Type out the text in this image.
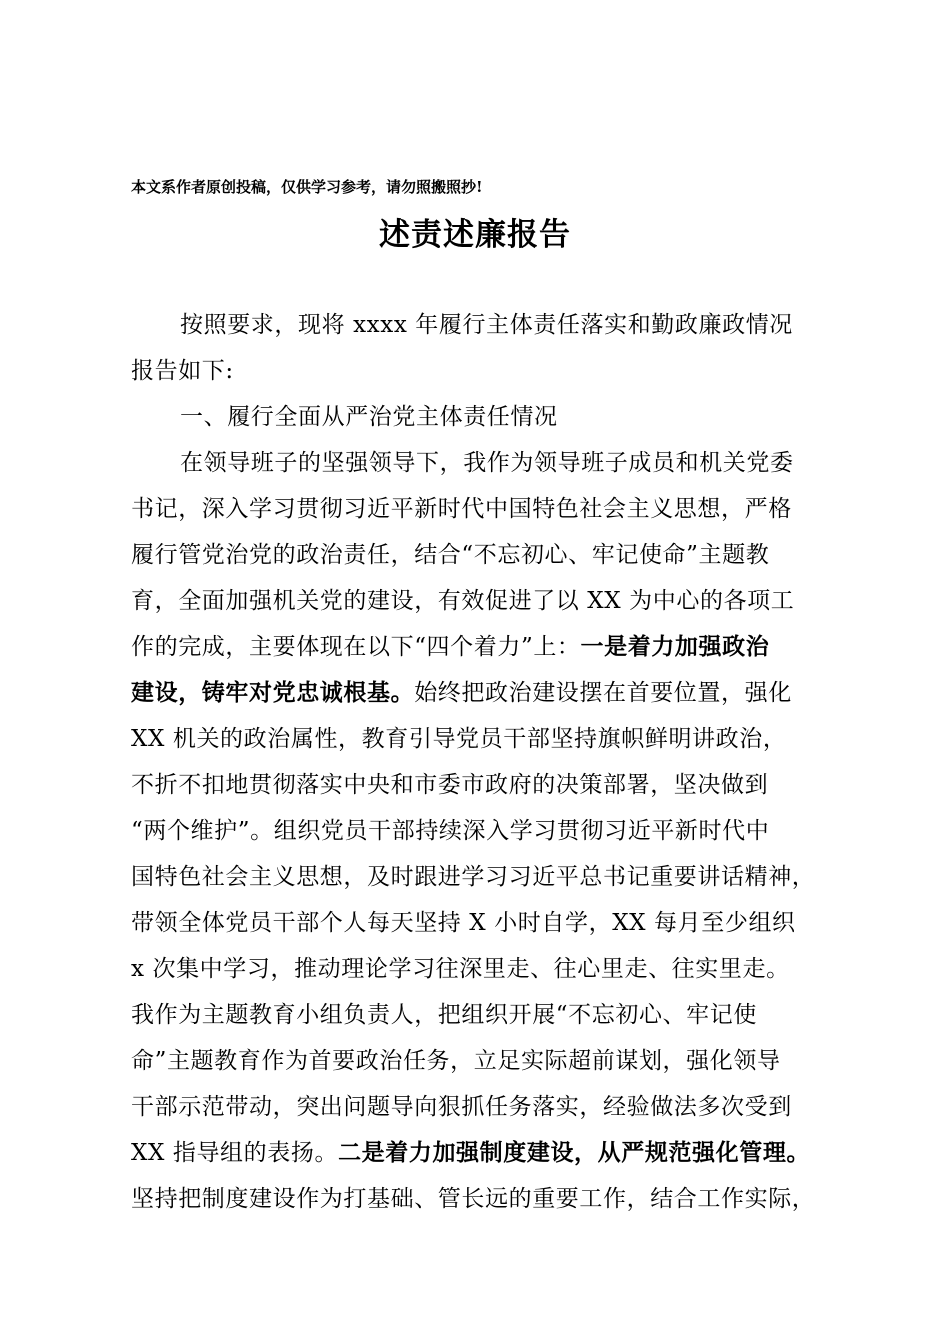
本文系作者原创投稿，仅供学习参考，请勿照搬照抄!
述责述廉报告
按照要求，现将 xxxx 年履行主体责任落实和勤政廉政情况
报告如下:
一、履行全面从严治党主体责任情况
在领导班子的坚强领导下，我作为领导班子成员和机关党委
书记，深入学习贯彻习近平新时代中国特色社会主义思想，严格
履行管党治党的政治责任，结合“不忘初心、牢记使命”主题教
育，全面加强机关党的建设，有效促进了以 XX 为中心的各项工
作的完成，主要体现在以下“四个着力”上：一是着力加强政治
建设，铸牢对党忠诚根基。始终把政治建设摆在首要位置，强化
XX 机关的政治属性，教育引导党员干部坚持旗帜鲜明讲政治，
不折不扣地贯彻落实中央和市委市政府的决策部署，坚决做到
“两个维护”。组织党员干部持续深入学习贯彻习近平新时代中
国特色社会主义思想，及时跟进学习习近平总书记重要讲话精神，
带领全体党员干部个人每天坚持 X 小时自学，XX 每月至少组织
x 次集中学习，推动理论学习往深里走、往心里走、往实里走。
我作为主题教育小组负责人，把组织开展“不忘初心、牢记使
命”主题教育作为首要政治任务，立足实际超前谋划，强化领导
干部示范带动，突出问题导向狠抓任务落实，经验做法多次受到
XX 指导组的表扬。二是着力加强制度建设，从严规范强化管理。
坚持把制度建设作为打基础、管长远的重要工作，结合工作实际，
